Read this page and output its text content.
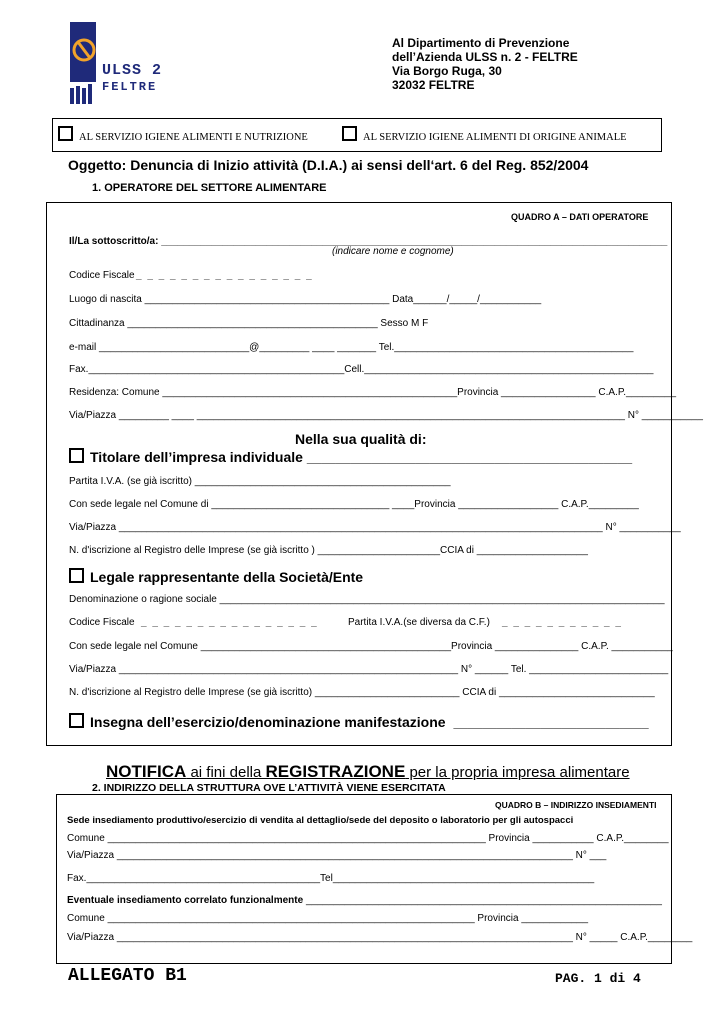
ULSS 2
FELTRE
Al Dipartimento di Prevenzione
dell’Azienda ULSS n. 2 - FELTRE
Via Borgo Ruga, 30
32032 FELTRE
AL SERVIZIO IGIENE ALIMENTI E NUTRIZIONE	AL SERVIZIO IGIENE ALIMENTI DI ORIGINE ANIMALE
Oggetto: Denuncia di Inizio attività (D.I.A.) ai sensi dell‘art. 6 del Reg. 852/2004
1. OPERATORE DEL SETTORE ALIMENTARE
QUADRO A – DATI OPERATORE
Il/La sottoscritto/a: ___________________________________________________________________________________________
(indicare nome e cognome)
Codice Fiscale _ _ _ _ _ _ _ _ _ _ _ _ _ _ _ _
Luogo di nascita ____________________________________________ Data______/_____/___________
Cittadinanza _____________________________________________ Sesso M F
e-mail ___________________________@_________ ____ _______ Tel.___________________________________________
Fax.______________________________________________Cell.____________________________________________________
Residenza: Comune _____________________________________________________Provincia _________________ C.A.P._________
Via/Piazza _________ ____ _____________________________________________________________________________ N° ___________
Nella sua qualità di:
Titolare dell’impresa individuale _____________________________________________
Partita I.V.A. (se già iscritto) ______________________________________________
Con sede legale nel Comune di ________________________________ ____Provincia __________________ C.A.P._________
Via/Piazza _______________________________________________________________________________________ N° ___________
N. d'iscrizione al Registro delle Imprese (se già iscritto ) ______________________CCIA di ____________________
Legale rappresentante della Società/Ente
Denominazione o ragione sociale ________________________________________________________________________________
Codice Fiscale _ _ _ _ _ _ _ _ _ _ _ _ _ _ _ _	Partita I.V.A.(se diversa da C.F.) _ _ _ _ _ _ _ _ _ _ _
Con sede legale nel Comune _____________________________________________Provincia _______________ C.A.P. ___________
Via/Piazza _____________________________________________________________ N° ______ Tel. _________________________
N. d'iscrizione al Registro delle Imprese (se già iscritto) __________________________ CCIA di ____________________________
Insegna dell’esercizio/denominazione manifestazione ___________________________
NOTIFICA ai fini della REGISTRAZIONE per la propria impresa alimentare
2. INDIRIZZO DELLA STRUTTURA OVE L’ATTIVITÀ VIENE ESERCITATA
QUADRO B – INDIRIZZO INSEDIAMENTI
Sede insediamento produttivo/esercizio di vendita al dettaglio/sede del deposito o laboratorio per gli autospacci
Comune ____________________________________________________________________ Provincia ___________ C.A.P.________
Via/Piazza __________________________________________________________________________________ N° ___
Fax.__________________________________________Tel_______________________________________________
Eventuale insediamento correlato funzionalmente ________________________________________________________________
Comune __________________________________________________________________ Provincia ____________
Via/Piazza __________________________________________________________________________________ N° _____ C.A.P.________
ALLEGATO B1	PAG. 1 di 4
